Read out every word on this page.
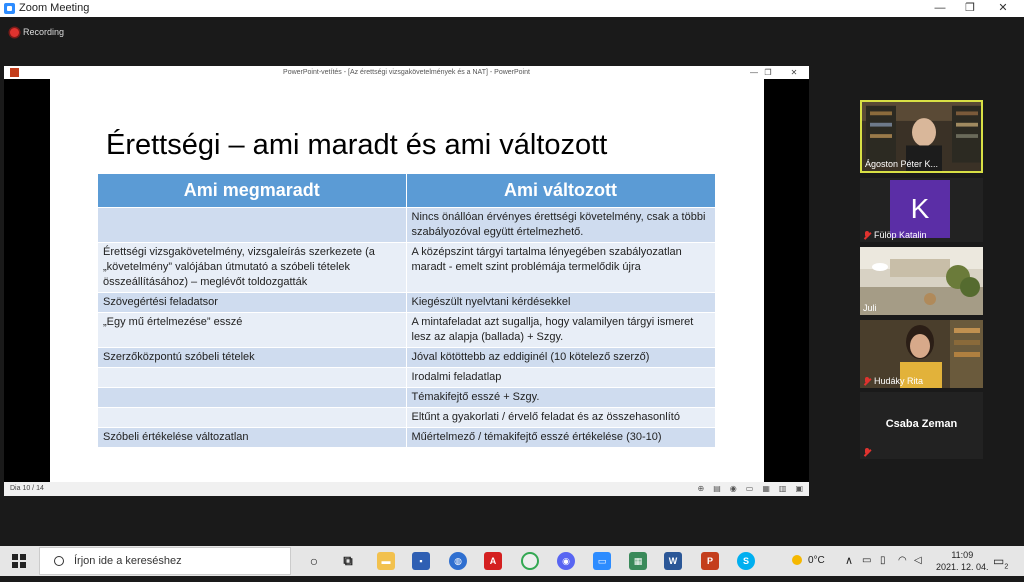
Zoom Meeting	—	❐	✕
Recording
PowerPoint-vetítés - [Az érettségi vizsgakövetelmények és a NAT] - PowerPoint	— ❐	✕
Érettségi – ami maradt és ami változott
Ami megmaradt	Ami változott
	Nincs önállóan érvényes érettségi követelmény, csak a többi szabályozóval együtt értelmezhető.
Érettségi vizsgakövetelmény, vizsgaleírás szerkezete (a „követelmény” valójában útmutató a szóbeli tételek összeállításához) – meglévőt toldozgatták	A középszint tárgyi tartalma lényegében szabályozatlan maradt - emelt szint problémája termelődik újra
Szövegértési feladatsor	Kiegészült nyelvtani kérdésekkel
„Egy mű értelmezése” esszé	A mintafeladat azt sugallja, hogy valamilyen tárgyi ismeret lesz az alapja (ballada) + Szgy.
Szerzőközpontú szóbeli tételek	Jóval kötöttebb az eddiginél (10 kötelező szerző)
	Irodalmi feladatlap
	Témakifejtő esszé + Szgy.
	Eltűnt a gyakorlati / érvelő feladat és az összehasonlító
Szóbeli értékelése változatlan	Műértelmező / témakifejtő esszé értékelése (30-10)
Dia 10 / 14	⊕ ▤ ◉ ▭ ▦ ▥ ▣
Ágoston Péter K...
K
Fülöp Katalin
Juli
Hudáky Rita
Csaba Zeman
Írjon ide a kereséshez	○	⧉	▬	▪	◍	A	◉	▭	▦	W	P	S	0°C ∧ ▭ ▯ ◠ ◁	11:09
2021. 12. 04. $▭_2$
